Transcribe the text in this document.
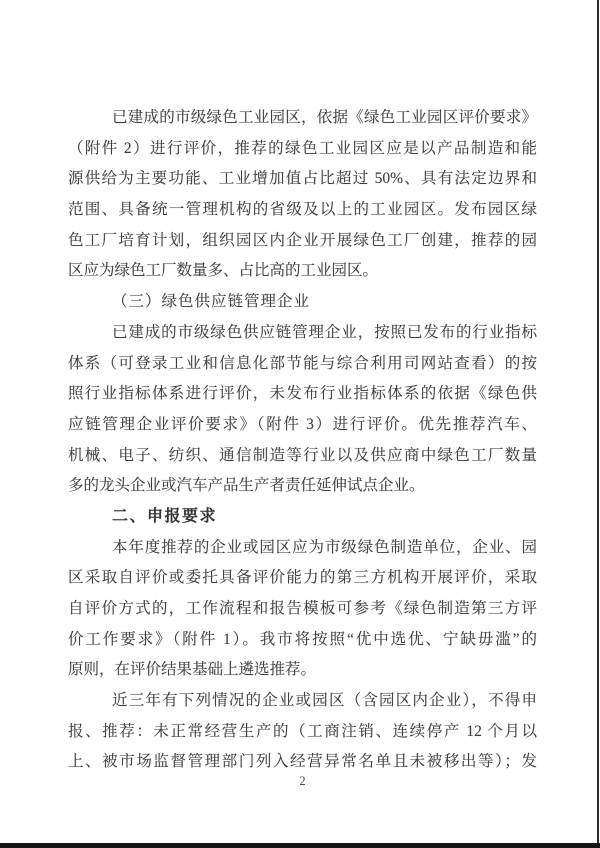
已建成的市级绿色工业园区，依据《绿色工业园区评价要求》
（附件 2）进行评价，推荐的绿色工业园区应是以产品制造和能
源供给为主要功能、工业增加值占比超过 50%、具有法定边界和
范围、具备统一管理机构的省级及以上的工业园区。发布园区绿
色工厂培育计划，组织园区内企业开展绿色工厂创建，推荐的园
区应为绿色工厂数量多、占比高的工业园区。
（三）绿色供应链管理企业
已建成的市级绿色供应链管理企业，按照已发布的行业指标
体系（可登录工业和信息化部节能与综合利用司网站查看）的按
照行业指标体系进行评价，未发布行业指标体系的依据《绿色供
应链管理企业评价要求》（附件 3）进行评价。优先推荐汽车、
机械、电子、纺织、通信制造等行业以及供应商中绿色工厂数量
多的龙头企业或汽车产品生产者责任延伸试点企业。
二、申报要求
本年度推荐的企业或园区应为市级绿色制造单位，企业、园
区采取自评价或委托具备评价能力的第三方机构开展评价，采取
自评价方式的，工作流程和报告模板可参考《绿色制造第三方评
价工作要求》（附件 1）。我市将按照“优中选优、宁缺毋滥”的
原则，在评价结果基础上遴选推荐。
近三年有下列情况的企业或园区（含园区内企业），不得申
报、推荐：未正常经营生产的（工商注销、连续停产 12 个月以
上、被市场监督管理部门列入经营异常名单且未被移出等）；发
2
